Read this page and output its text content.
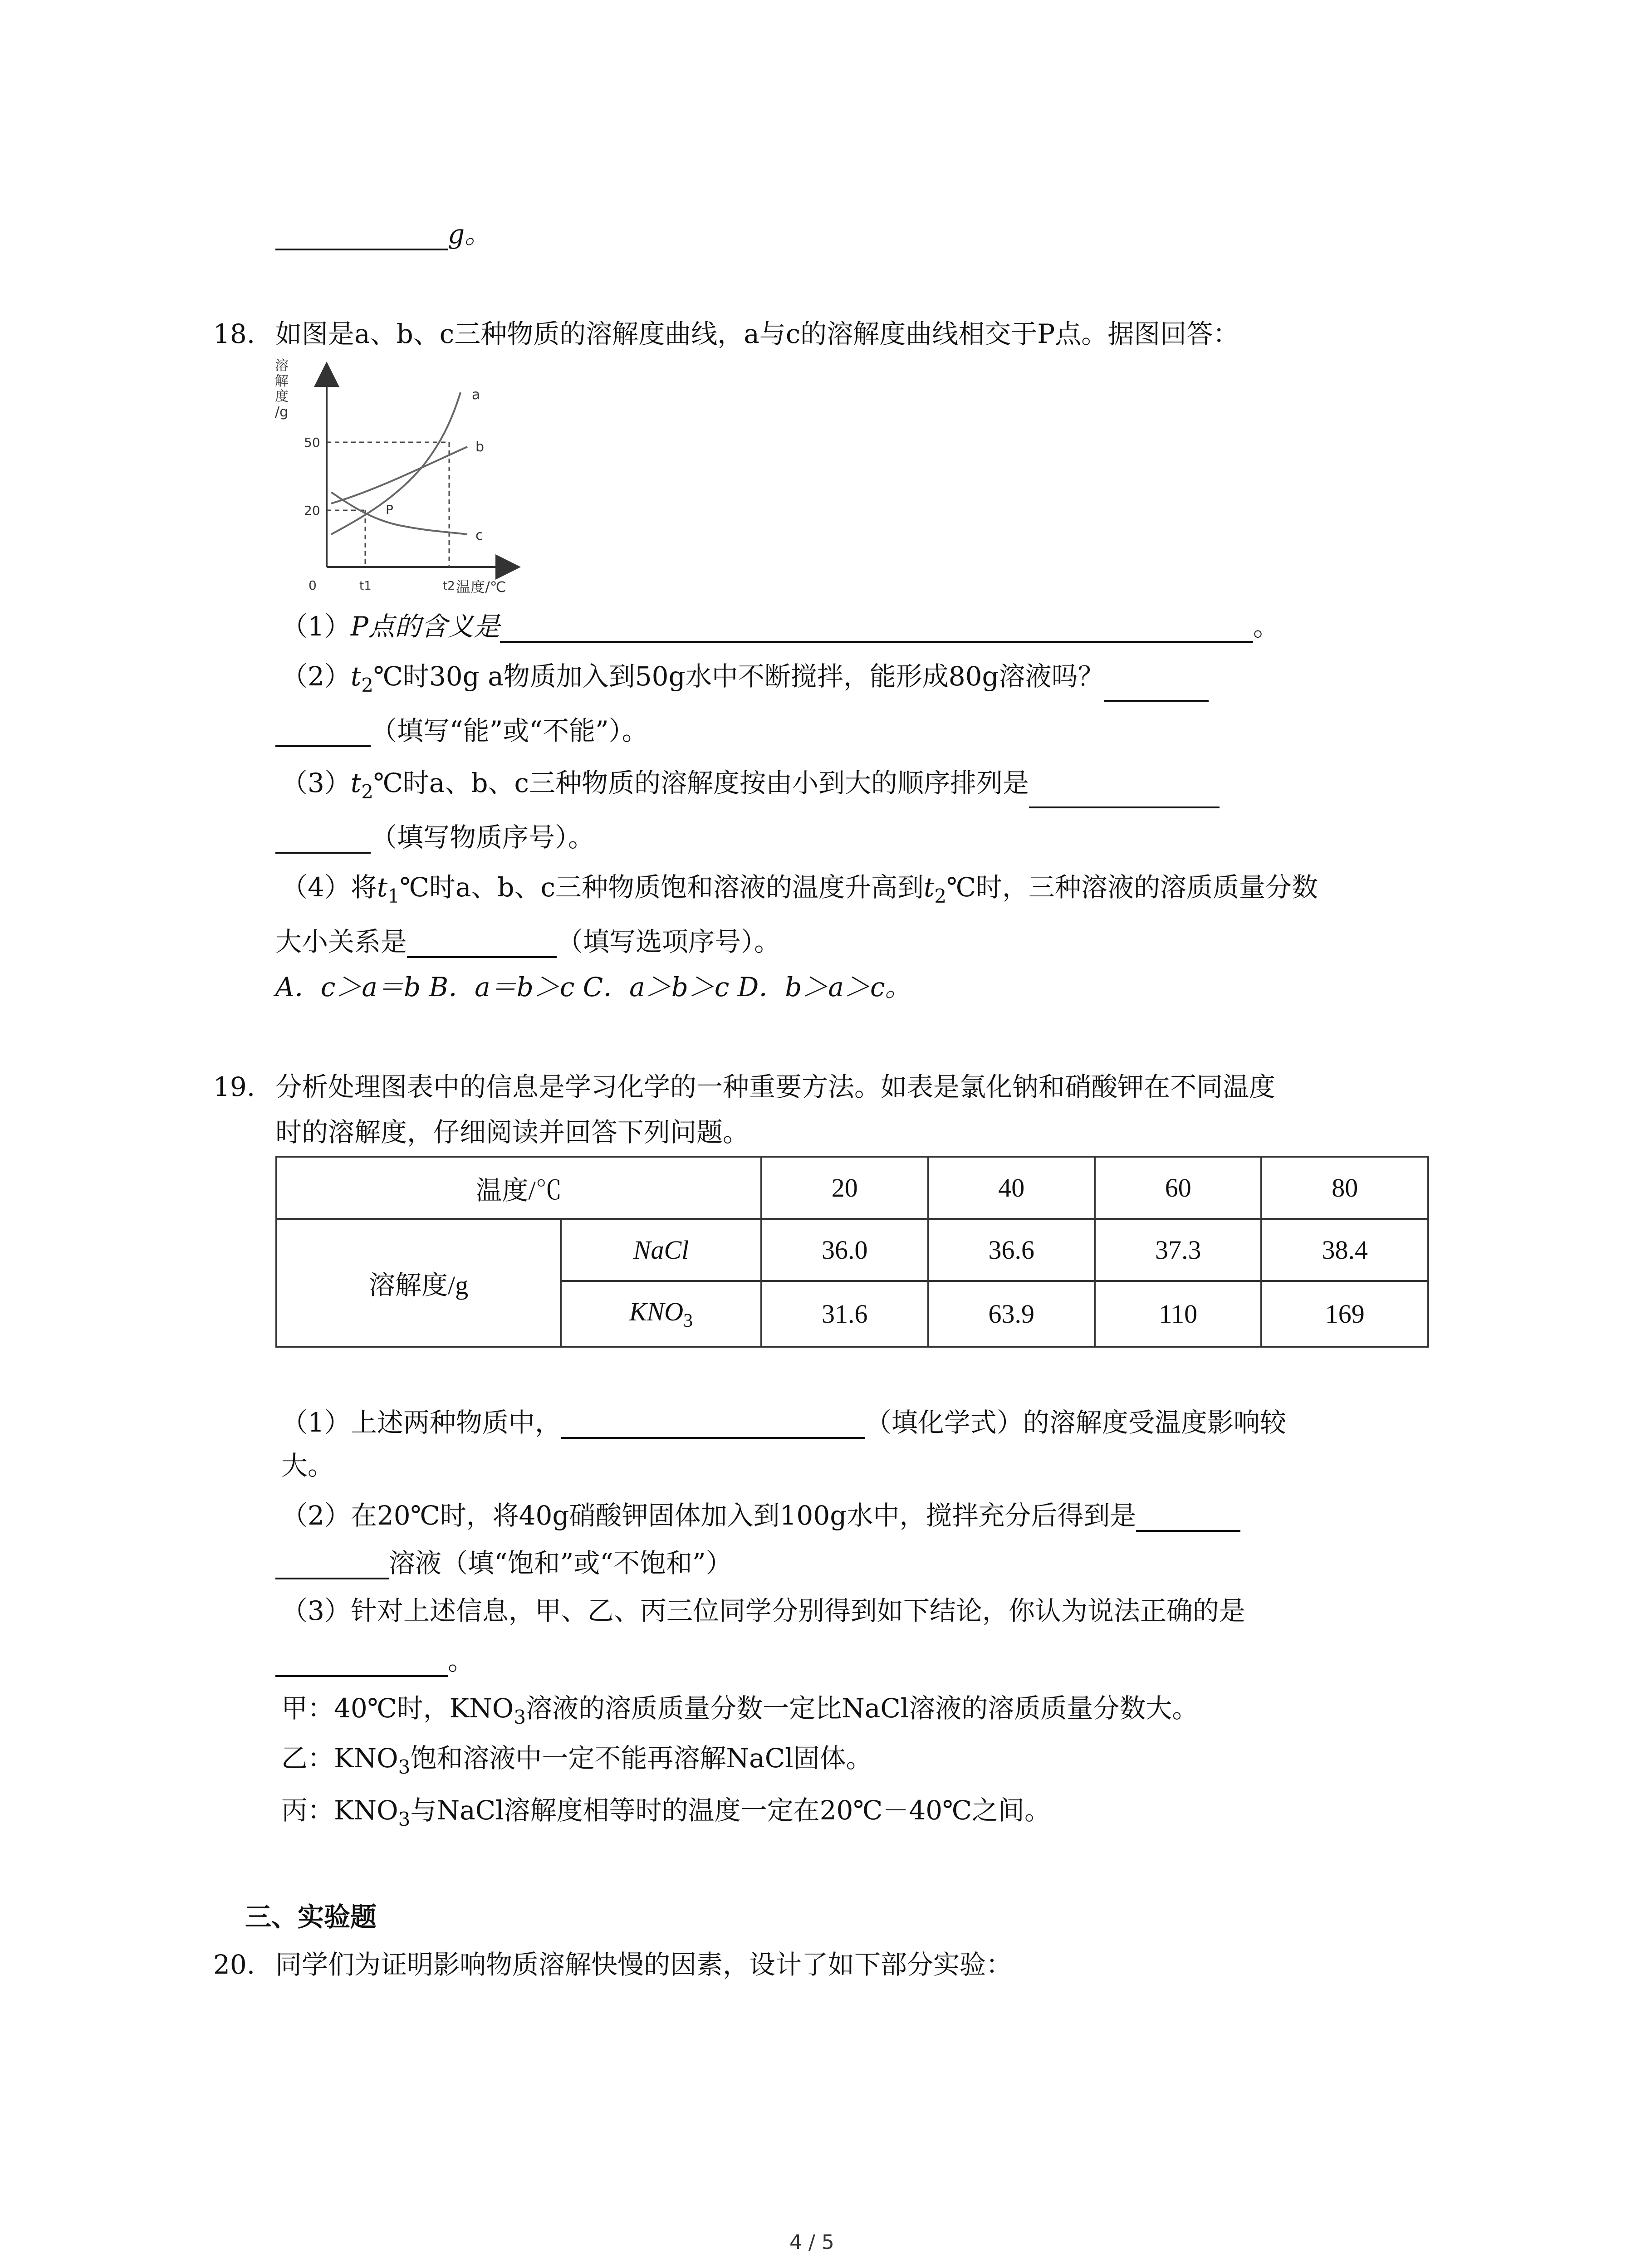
g。
18. 如图是a、b、c三种物质的溶解度曲线，a与c的溶解度曲线相交于P点。据图回答：
溶
解
度
/g
a
b
c
P
50
20
0	t1	t2 温度/℃
（1）P点的含义是	。
$(2)t_2℃$时30g a物质加入到50g水中不断搅拌，能形成80g溶液吗？
（填写“能”或“不能”）。
$(3)t_2℃$时a、b、c三种物质的溶解度按由小到大的顺序排列是
（填写物质序号）。
（4）将$t_1℃$时a、b、c三种物质饱和溶液的温度升高到$t_2℃$时，三种溶液的溶质质量分数
大小关系是	（填写选项序号）。
A．c＞a＝b B．a＝b＞c C．a＞b＞c D．b＞a＞c。
19. 分析处理图表中的信息是学习化学的一种重要方法。如表是氯化钠和硝酸钾在不同温度
时的溶解度，仔细阅读并回答下列问题。
温度/℃		20	40	60	80
溶解度/g	NaCl	36.0	36.6	37.3	38.4
	$KNO_3$	31.6	63.9	110	169
（1）上述两种物质中，	（填化学式）的溶解度受温度影响较
大。
（2）在20℃时，将40g硝酸钾固体加入到100g水中，搅拌充分后得到是
溶液（填“饱和”或“不饱和”）
（3）针对上述信息，甲、乙、丙三位同学分别得到如下结论，你认为说法正确的是
。
甲：40℃时，$KNO_3$溶液的溶质质量分数一定比NaCl溶液的溶质质量分数大。
乙：$KNO_3$饱和溶液中一定不能再溶解NaCl固体。
丙：$KNO_3$与NaCl溶解度相等时的温度一定在20℃－40℃之间。
三、实验题
20. 同学们为证明影响物质溶解快慢的因素，设计了如下部分实验：
4 / 5
